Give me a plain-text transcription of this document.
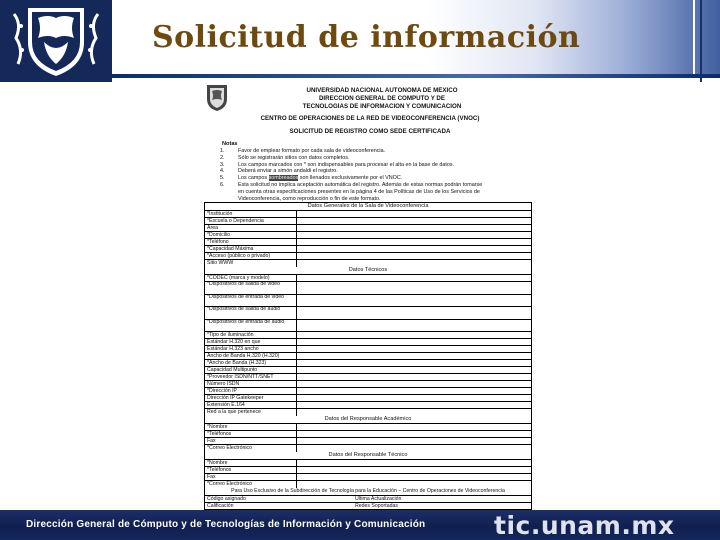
Solicitud de información
UNIVERSIDAD NACIONAL AUTÓNOMA DE MÉXICO
DIRECCIÓN GENERAL DE CÓMPUTO Y DE
TECNOLOGÍAS DE INFORMACIÓN Y COMUNICACIÓN
CENTRO DE OPERACIONES DE LA RED DE VIDEOCONFERENCIA (VNOC)
SOLICITUD DE REGISTRO COMO SEDE CERTIFICADA
Notas
1.	Favor de emplear formato por cada sala de videoconferencia.
2.	Sólo se registrarán sitios con datos completos.
3.	Los campos marcados con * son indispensables para procesar el alta en la base de datos.
4.	Deberá enviar a simón andaldi el registro.
5.	Los campos sombreados son llenados exclusivamente por el VNOC.
6.	Esta solicitud no implica aceptación automática del registro. Además de estas normas podrán tomarse
en cuenta otras especificaciones presentes en la página 4 de las Políticas de Uso de los Servicios de
Videoconferencia, como reproducción o fin de este formato.
Datos Generales de la Sala de Videoconferencia
*Institución
*Escuela o Dependencia
Área
*Domicilio
*Teléfono
*Capacidad Máxima
*Acceso (público o privado)
Sitio WWW
Datos Técnicos
*CODEC (marca y modelo)
*Dispositivos de salida de video
*Dispositivos de entrada de video
*Dispositivos de salida de audio
*Dispositivos de entrada de audio
*Tipo de iluminación
Estándar H.320 en que
Estándar H.323 ancho
Ancho de Banda H.320 (H.320)
*Ancho de Banda (H.323)
Capacidad Multipunto
*Proveedor ISDN/NTT/SNET
Número ISDN
*Dirección IP
Dirección IP Gatekeeper
Extensión E.164
Red a la que pertenece
Datos del Responsable Académico
*Nombre
*Teléfonos
Fax
*Correo Electrónico
Datos del Responsable Técnico
*Nombre
*Teléfonos
Fax
*Correo Electrónico
Para Uso Exclusivo de la Subdirección de Tecnología para la Educación – Centro de Operaciones de Videoconferencia
Código asignado	Última Actualización
Calificación	Redes Soportadas
Dirección General de Cómputo y de Tecnologías de Información y Comunicación	tic.unam.mx
